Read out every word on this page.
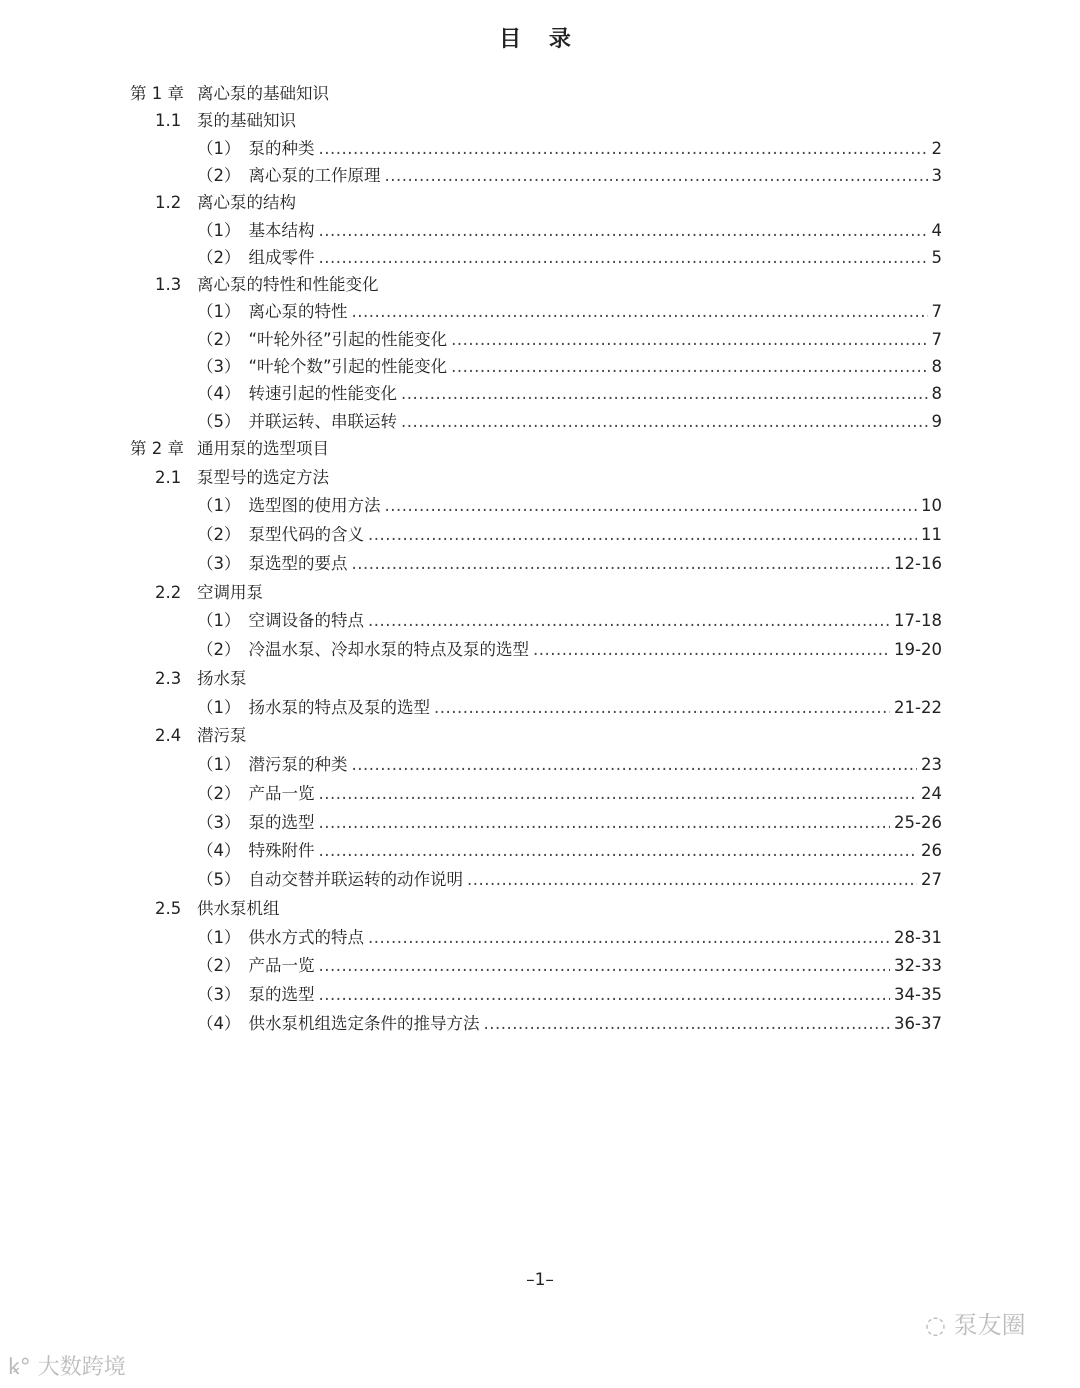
目 录
第 1 章 离心泵的基础知识
1.1 泵的基础知识
（1） 泵的种类 .....	2
（2） 离心泵的工作原理 .....	3
1.2 离心泵的结构
（1） 基本结构 .....	4
（2） 组成零件 .....	5
1.3 离心泵的特性和性能变化
（1） 离心泵的特性 .....	7
（2） “叶轮外径”引起的性能变化 .....	7
（3） “叶轮个数”引起的性能变化 .....	8
（4） 转速引起的性能变化 .....	8
（5） 并联运转、串联运转 .....	9
第 2 章 通用泵的选型项目
2.1 泵型号的选定方法
（1） 选型图的使用方法 .....	10
（2） 泵型代码的含义 .....	11
（3） 泵选型的要点 .....	12-16
2.2 空调用泵
（1） 空调设备的特点 .....	17-18
（2） 冷温水泵、冷却水泵的特点及泵的选型 .....	19-20
2.3 扬水泵
（1） 扬水泵的特点及泵的选型 .....	21-22
2.4 潜污泵
（1） 潜污泵的种类 .....	23
（2） 产品一览 .....	24
（3） 泵的选型 .....	25-26
（4） 特殊附件 .....	26
（5） 自动交替并联运转的动作说明 .....	27
2.5 供水泵机组
（1） 供水方式的特点 .....	28-31
（2） 产品一览 .....	32-33
（3） 泵的选型 .....	34-35
（4） 供水泵机组选定条件的推导方法 .....	36-37
–1–
◌ 泵友圈
ꝃ° 大数跨境
